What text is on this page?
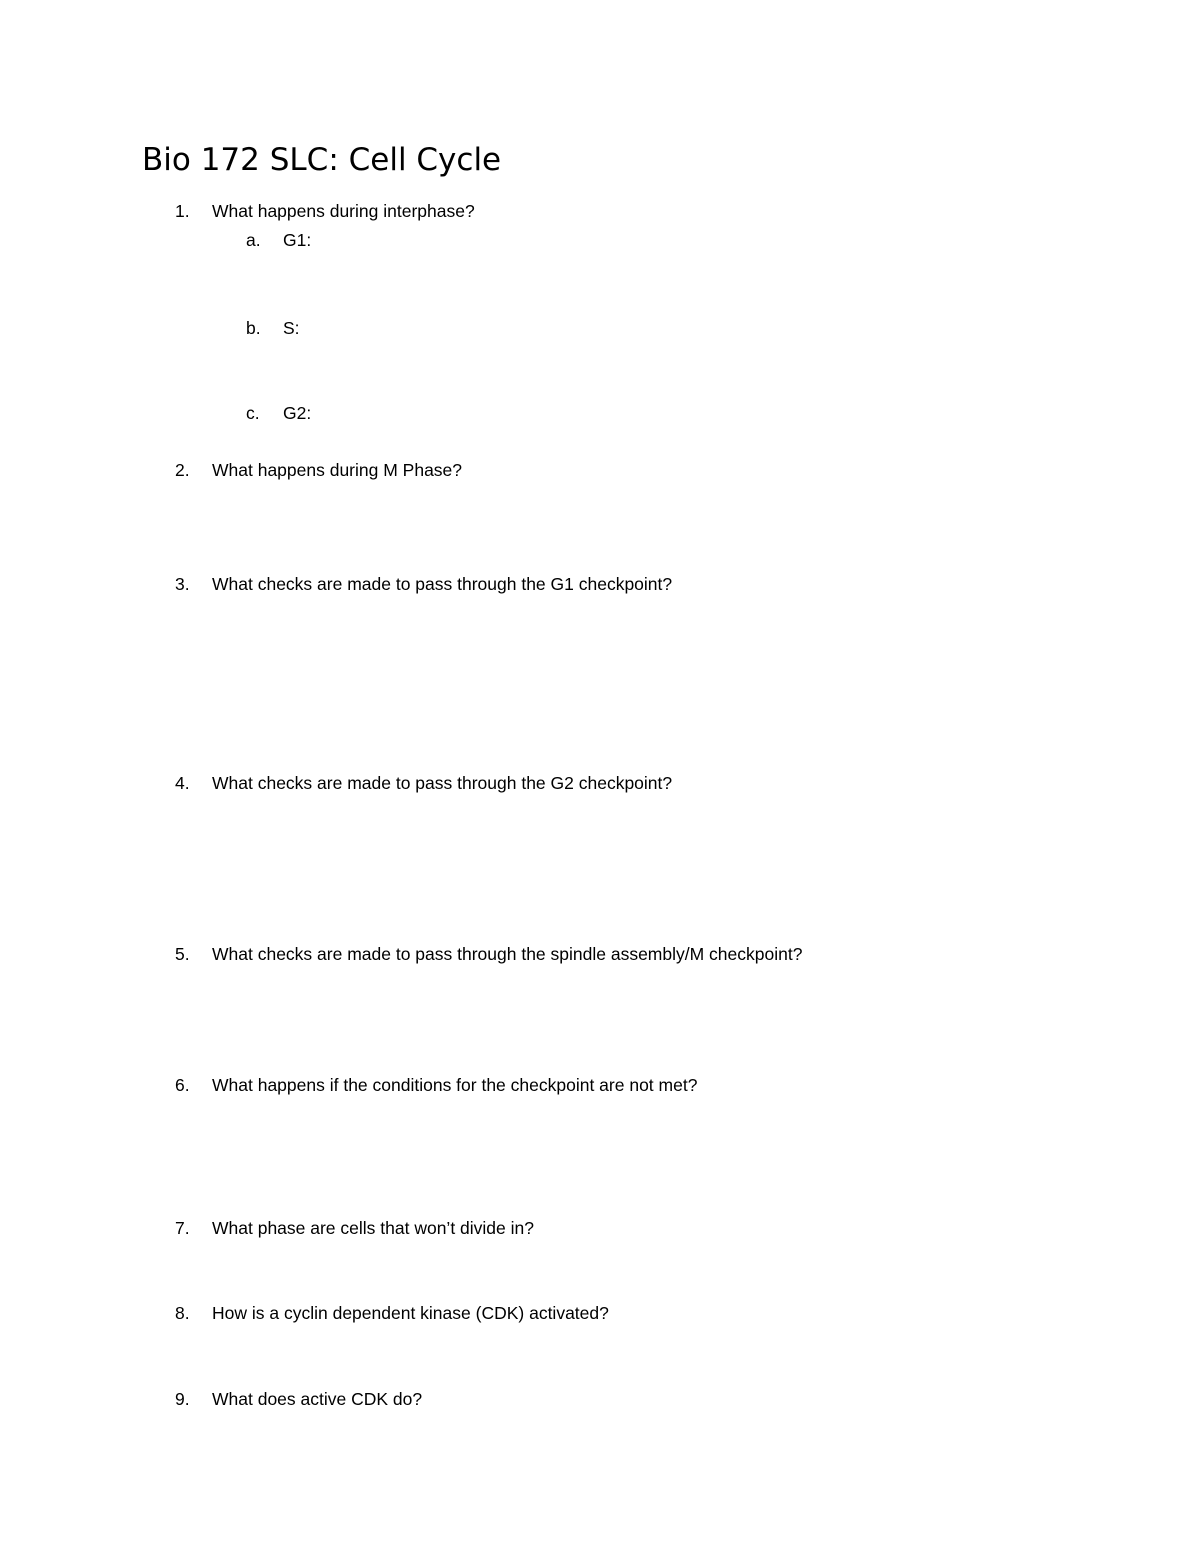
Bio 172 SLC: Cell Cycle
1.	What happens during interphase?
a.	G1:
b.	S:
c.	G2:
2.	What happens during M Phase?
3.	What checks are made to pass through the G1 checkpoint?
4.	What checks are made to pass through the G2 checkpoint?
5.	What checks are made to pass through the spindle assembly/M checkpoint?
6.	What happens if the conditions for the checkpoint are not met?
7.	What phase are cells that won’t divide in?
8.	How is a cyclin dependent kinase (CDK) activated?
9.	What does active CDK do?
